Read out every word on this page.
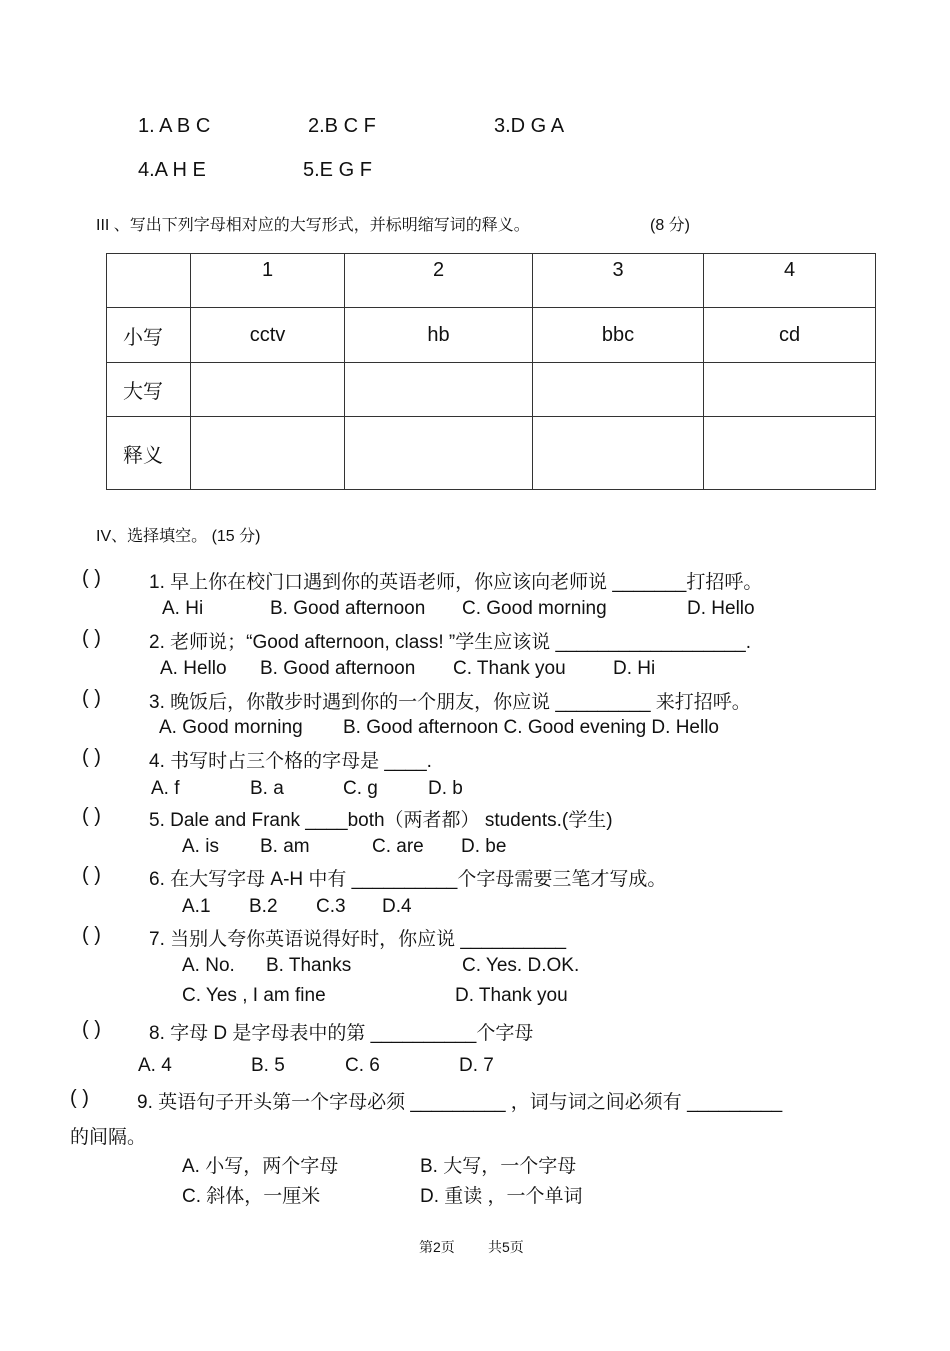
1. A B C	2.B C F	3.D G A
4.A H E	5.E G F
III 、写出下列字母相对应的大写形式，并标明缩写词的释义。	(8 分)
	1	2	3	4
小写	cctv	hb	bbc	cd
大写				
释义				
IV、选择填空。 (15 分)
( )	1. 早上你在校门口遇到你的英语老师，你应该向老师说 _______打招呼。
A. Hi	B. Good afternoon C. Good morning	D. Hello
( )	2. 老师说；“Good afternoon, class! ”学生应该说 __________________.
A. Hello B. Good afternoon C. Thank you D. Hi
( )	3. 晚饭后，你散步时遇到你的一个朋友，你应说 _________ 来打招呼。
A. Good morning B. Good afternoon C. Good evening D. Hello
( )	4. 书写时占三个格的字母是 ____.
A. f	B. a	C. g	D. b
( )	5. Dale and Frank ____both（两者都） students.(学生)
A. is B. am	C. are D. be
( )	6. 在大写字母 A-H 中有 __________个字母需要三笔才写成。
A.1 B.2 C.3 D.4
( )	7. 当别人夸你英语说得好时，你应说 __________
A. No. B. Thanks	C. Yes. D.OK.
C. Yes , I am fine	D. Thank you
( )	8. 字母 D 是字母表中的第 __________个字母
A. 4	B. 5	C. 6	D. 7
( )	9. 英语句子开头第一个字母必须 _________ ，词与词之间必须有 _________
的间隔。
A. 小写，两个字母	B. 大写，一个字母
C. 斜体，一厘米	D. 重读 ，一个单词
第2页 共5页
